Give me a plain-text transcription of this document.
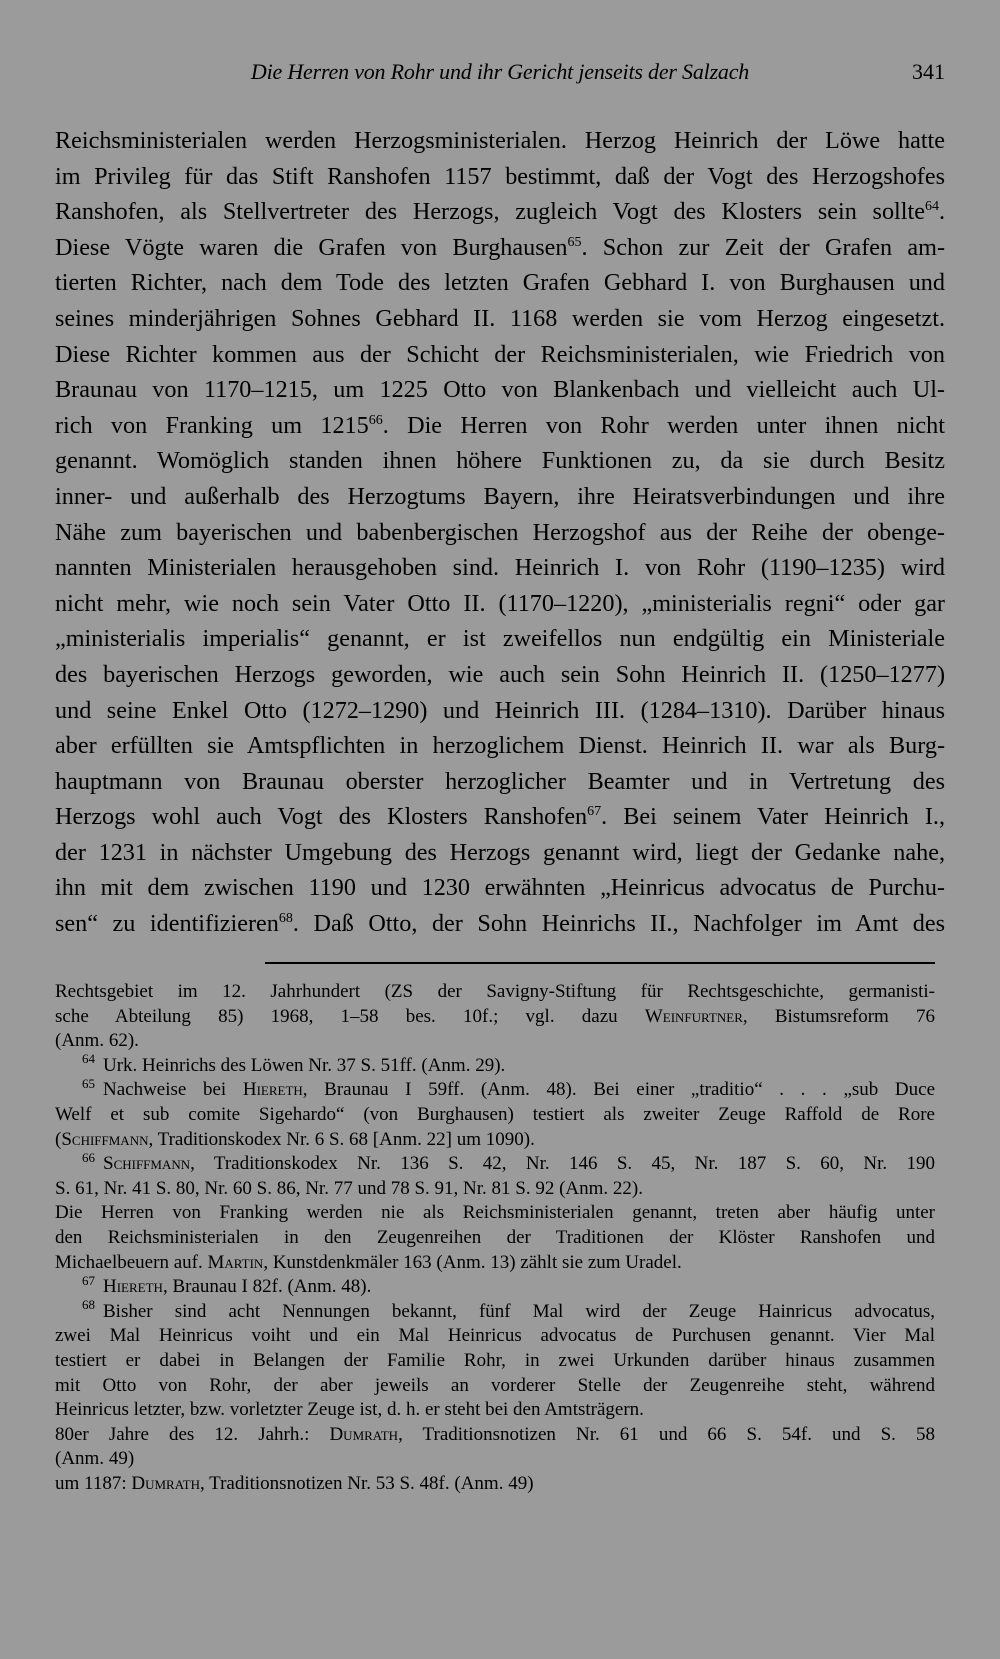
Die Herren von Rohr und ihr Gericht jenseits der Salzach	341
Reichsministerialen werden Herzogsministerialen. Herzog Heinrich der Löwe hatte
im Privileg für das Stift Ranshofen 1157 bestimmt, daß der Vogt des Herzogshofes
Ranshofen, als Stellvertreter des Herzogs, zugleich Vogt des Klosters sein sollte$^{64}$.
Diese Vögte waren die Grafen von Burghausen$^{65}$. Schon zur Zeit der Grafen am-
tierten Richter, nach dem Tode des letzten Grafen Gebhard I. von Burghausen und
seines minderjährigen Sohnes Gebhard II. 1168 werden sie vom Herzog eingesetzt.
Diese Richter kommen aus der Schicht der Reichsministerialen, wie Friedrich von
Braunau von 1170–1215, um 1225 Otto von Blankenbach und vielleicht auch Ul-
rich von Franking um 1215$^{66}$. Die Herren von Rohr werden unter ihnen nicht
genannt. Womöglich standen ihnen höhere Funktionen zu, da sie durch Besitz
inner- und außerhalb des Herzogtums Bayern, ihre Heiratsverbindungen und ihre
Nähe zum bayerischen und babenbergischen Herzogshof aus der Reihe der obenge-
nannten Ministerialen herausgehoben sind. Heinrich I. von Rohr (1190–1235) wird
nicht mehr, wie noch sein Vater Otto II. (1170–1220), „ministerialis regni“ oder gar
„ministerialis imperialis“ genannt, er ist zweifellos nun endgültig ein Ministeriale
des bayerischen Herzogs geworden, wie auch sein Sohn Heinrich II. (1250–1277)
und seine Enkel Otto (1272–1290) und Heinrich III. (1284–1310). Darüber hinaus
aber erfüllten sie Amtspflichten in herzoglichem Dienst. Heinrich II. war als Burg-
hauptmann von Braunau oberster herzoglicher Beamter und in Vertretung des
Herzogs wohl auch Vogt des Klosters Ranshofen$^{67}$. Bei seinem Vater Heinrich I.,
der 1231 in nächster Umgebung des Herzogs genannt wird, liegt der Gedanke nahe,
ihn mit dem zwischen 1190 und 1230 erwähnten „Heinricus advocatus de Purchu-
sen“ zu identifizieren$^{68}$. Daß Otto, der Sohn Heinrichs II., Nachfolger im Amt des
Rechtsgebiet im 12. Jahrhundert (ZS der Savigny-Stiftung für Rechtsgeschichte, germanisti-
sche Abteilung 85) 1968, 1–58 bes. 10f.; vgl. dazu Weinfurtner, Bistumsreform 76
(Anm. 62).
$^{64}$ Urk. Heinrichs des Löwen Nr. 37 S. 51ff. (Anm. 29).
$^{65}$ Nachweise bei Hiereth, Braunau I 59ff. (Anm. 48). Bei einer „traditio“ . . . „sub Duce
Welf et sub comite Sigehardo“ (von Burghausen) testiert als zweiter Zeuge Raffold de Rore
(Schiffmann, Traditionskodex Nr. 6 S. 68 [Anm. 22] um 1090).
$^{66}$ Schiffmann, Traditionskodex Nr. 136 S. 42, Nr. 146 S. 45, Nr. 187 S. 60, Nr. 190
S. 61, Nr. 41 S. 80, Nr. 60 S. 86, Nr. 77 und 78 S. 91, Nr. 81 S. 92 (Anm. 22).
Die Herren von Franking werden nie als Reichsministerialen genannt, treten aber häufig unter
den Reichsministerialen in den Zeugenreihen der Traditionen der Klöster Ranshofen und
Michaelbeuern auf. Martin, Kunstdenkmäler 163 (Anm. 13) zählt sie zum Uradel.
$^{67}$ Hiereth, Braunau I 82f. (Anm. 48).
$^{68}$ Bisher sind acht Nennungen bekannt, fünf Mal wird der Zeuge Hainricus advocatus,
zwei Mal Heinricus voiht und ein Mal Heinricus advocatus de Purchusen genannt. Vier Mal
testiert er dabei in Belangen der Familie Rohr, in zwei Urkunden darüber hinaus zusammen
mit Otto von Rohr, der aber jeweils an vorderer Stelle der Zeugenreihe steht, während
Heinricus letzter, bzw. vorletzter Zeuge ist, d. h. er steht bei den Amtsträgern.
80er Jahre des 12. Jahrh.: Dumrath, Traditionsnotizen Nr. 61 und 66 S. 54f. und S. 58
(Anm. 49)
um 1187: Dumrath, Traditionsnotizen Nr. 53 S. 48f. (Anm. 49)
